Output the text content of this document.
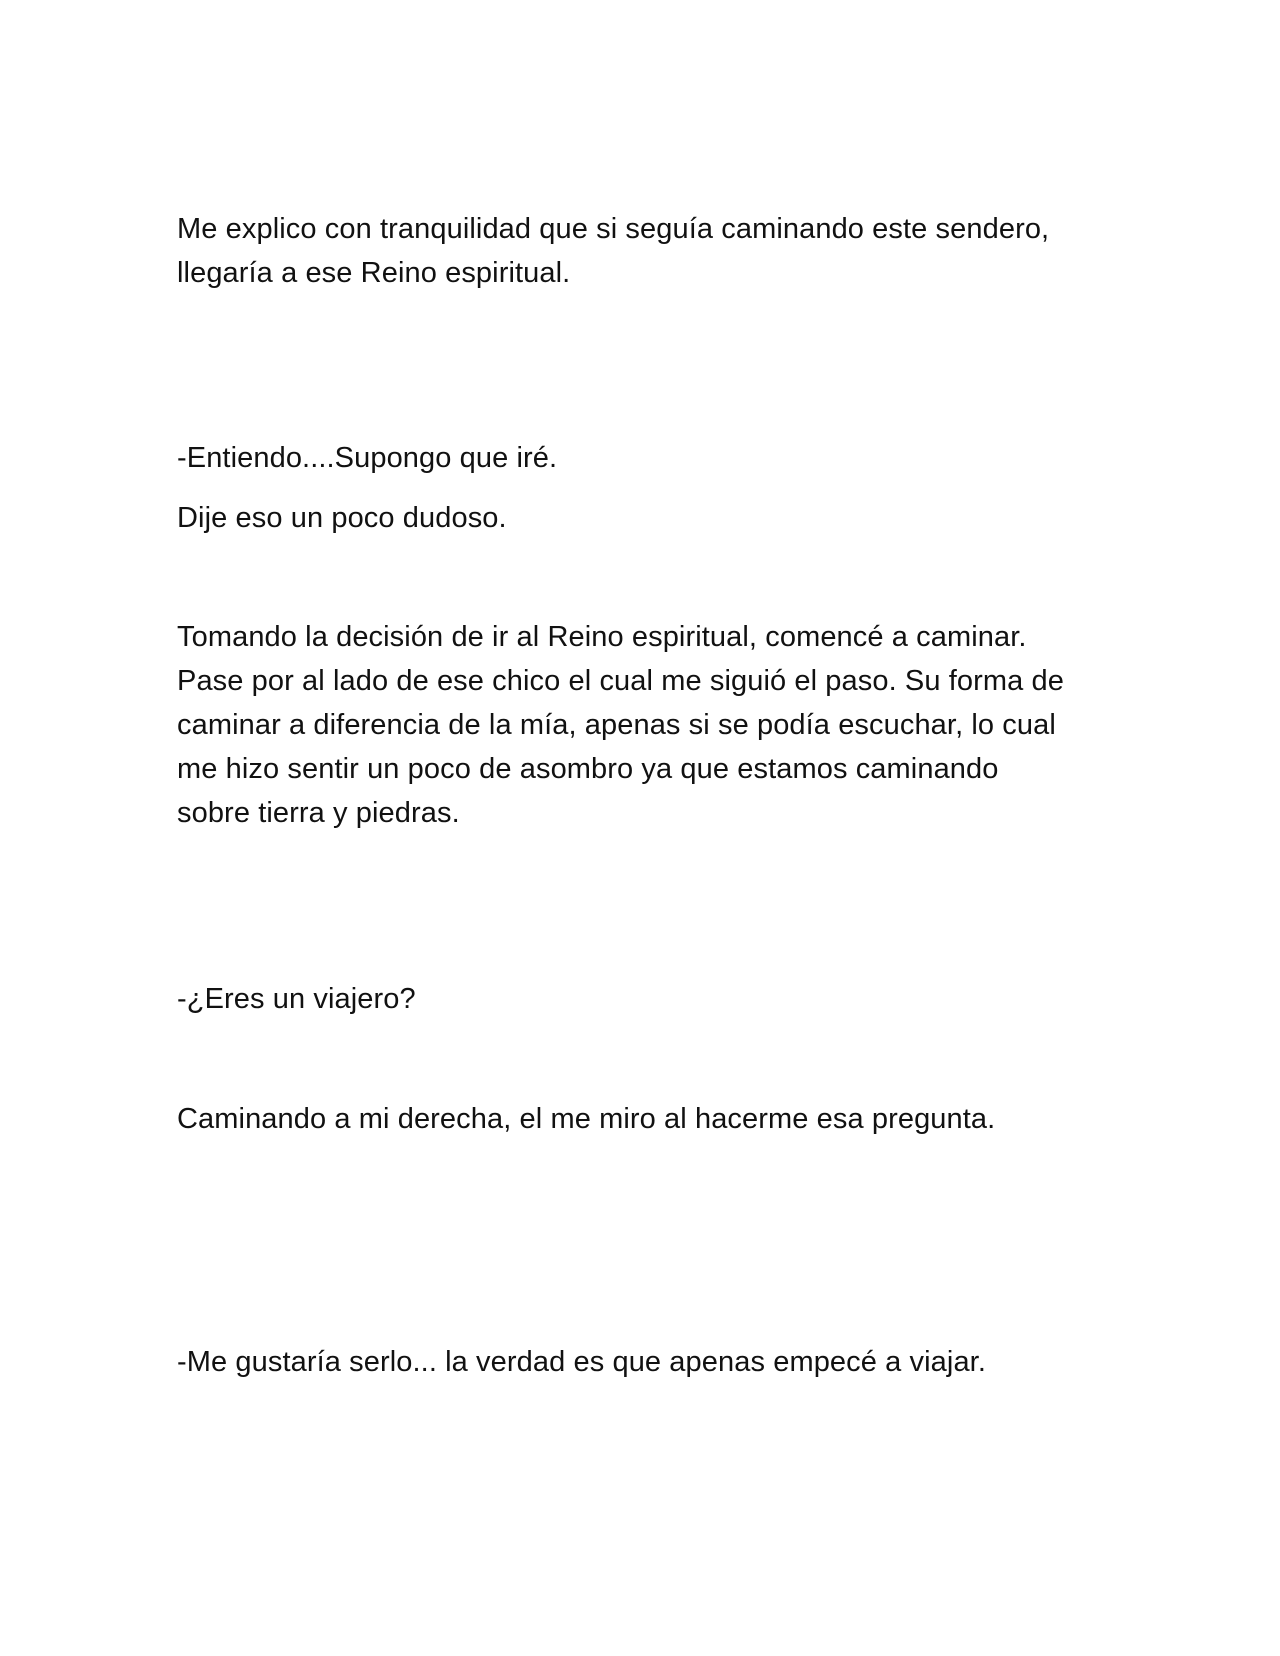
Me explico con tranquilidad que si seguía caminando este sendero,
llegaría a ese Reino espiritual.

-Entiendo....Supongo que iré.

Dije eso un poco dudoso.

Tomando la decisión de ir al Reino espiritual, comencé a caminar.
Pase por al lado de ese chico el cual me siguió el paso. Su forma de
caminar a diferencia de la mía, apenas si se podía escuchar, lo cual
me hizo sentir un poco de asombro ya que estamos caminando
sobre tierra y piedras.

-¿Eres un viajero?

Caminando a mi derecha, el me miro al hacerme esa pregunta.

-Me gustaría serlo... la verdad es que apenas empecé a viajar.
